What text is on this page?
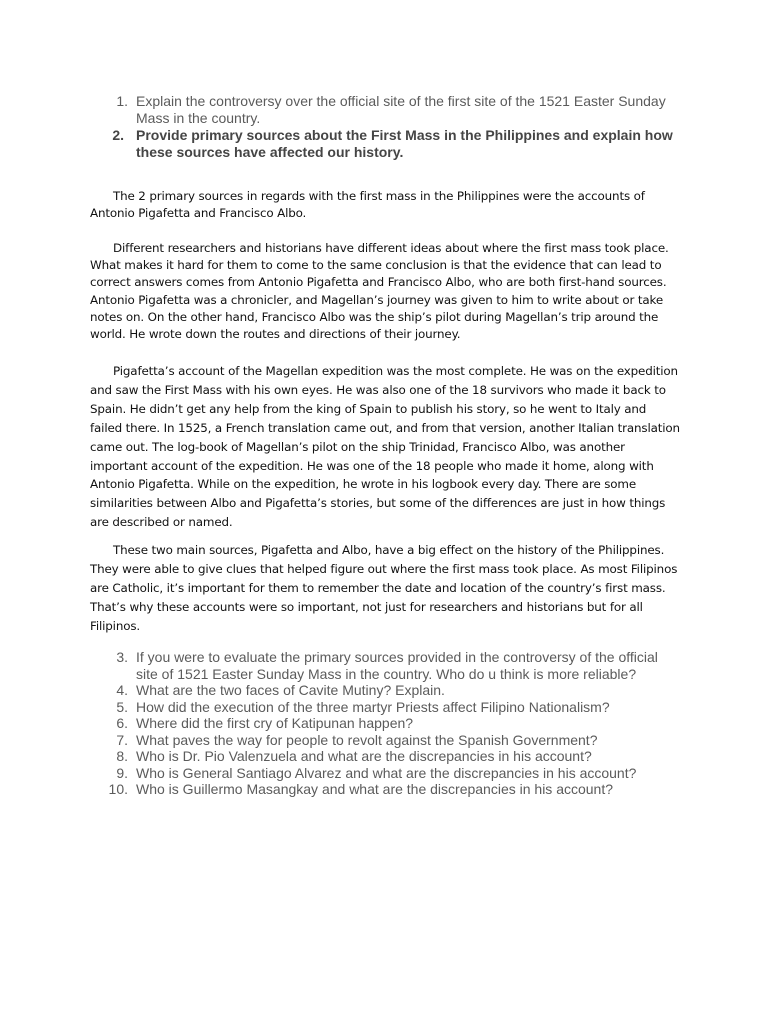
1. Explain the controversy over the official site of the first site of the 1521 Easter Sunday Mass in the country.
2. Provide primary sources about the First Mass in the Philippines and explain how these sources have affected our history.

The 2 primary sources in regards with the first mass in the Philippines were the accounts of Antonio Pigafetta and Francisco Albo.

Different researchers and historians have different ideas about where the first mass took place. What makes it hard for them to come to the same conclusion is that the evidence that can lead to correct answers comes from Antonio Pigafetta and Francisco Albo, who are both first-hand sources. Antonio Pigafetta was a chronicler, and Magellan’s journey was given to him to write about or take notes on. On the other hand, Francisco Albo was the ship’s pilot during Magellan’s trip around the world. He wrote down the routes and directions of their journey.

Pigafetta’s account of the Magellan expedition was the most complete. He was on the expedition and saw the First Mass with his own eyes. He was also one of the 18 survivors who made it back to Spain. He didn’t get any help from the king of Spain to publish his story, so he went to Italy and failed there. In 1525, a French translation came out, and from that version, another Italian translation came out. The log-book of Magellan’s pilot on the ship Trinidad, Francisco Albo, was another important account of the expedition. He was one of the 18 people who made it home, along with Antonio Pigafetta. While on the expedition, he wrote in his logbook every day. There are some similarities between Albo and Pigafetta’s stories, but some of the differences are just in how things are described or named.

These two main sources, Pigafetta and Albo, have a big effect on the history of the Philippines. They were able to give clues that helped figure out where the first mass took place. As most Filipinos are Catholic, it’s important for them to remember the date and location of the country’s first mass. That’s why these accounts were so important, not just for researchers and historians but for all Filipinos.

3. If you were to evaluate the primary sources provided in the controversy of the official site of 1521 Easter Sunday Mass in the country. Who do u think is more reliable?
4. What are the two faces of Cavite Mutiny? Explain.
5. How did the execution of the three martyr Priests affect Filipino Nationalism?
6. Where did the first cry of Katipunan happen?
7. What paves the way for people to revolt against the Spanish Government?
8. Who is Dr. Pio Valenzuela and what are the discrepancies in his account?
9. Who is General Santiago Alvarez and what are the discrepancies in his account?
10. Who is Guillermo Masangkay and what are the discrepancies in his account?
